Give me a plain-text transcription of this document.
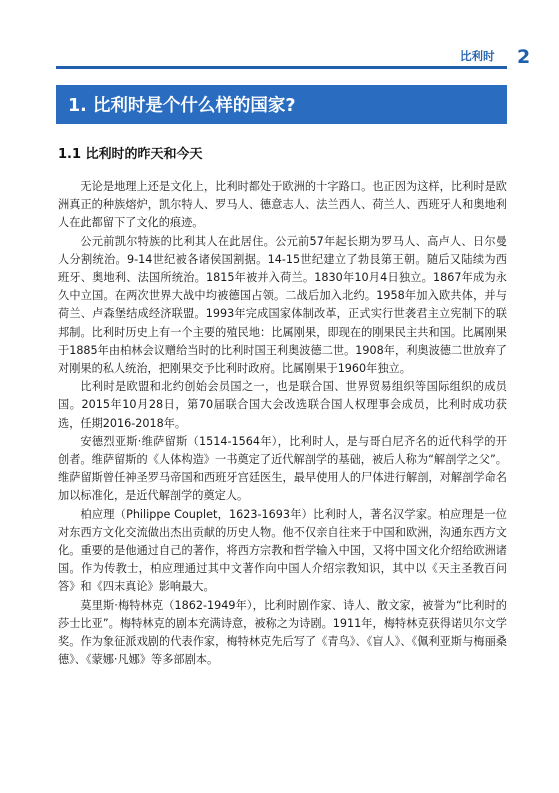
比利时	2
1. 比利时是个什么样的国家?
1.1 比利时的昨天和今天

无论是地理上还是文化上，比利时都处于欧洲的十字路口。也正因为这样，比利时是欧洲真正的种族熔炉，凯尔特人、罗马人、德意志人、法兰西人、荷兰人、西班牙人和奥地利人在此都留下了文化的痕迹。

公元前凯尔特族的比利其人在此居住。公元前57年起长期为罗马人、高卢人、日尔曼人分割统治。9-14世纪被各诸侯国割据。14-15世纪建立了勃艮第王朝。随后又陆续为西班牙、奥地利、法国所统治。1815年被并入荷兰。1830年10月4日独立。1867年成为永久中立国。在两次世界大战中均被德国占领。二战后加入北约。1958年加入欧共体，并与荷兰、卢森堡结成经济联盟。1993年完成国家体制改革，正式实行世袭君主立宪制下的联邦制。比利时历史上有一个主要的殖民地：比属刚果，即现在的刚果民主共和国。比属刚果于1885年由柏林会议赠给当时的比利时国王利奥波德二世。1908年，利奥波德二世放弃了对刚果的私人统治，把刚果交予比利时政府。比属刚果于1960年独立。

比利时是欧盟和北约创始会员国之一，也是联合国、世界贸易组织等国际组织的成员国。2015年10月28日，第70届联合国大会改选联合国人权理事会成员，比利时成功获选，任期2016-2018年。

安德烈亚斯·维萨留斯（1514-1564年），比利时人，是与哥白尼齐名的近代科学的开创者。维萨留斯的《人体构造》一书奠定了近代解剖学的基础，被后人称为“解剖学之父”。维萨留斯曾任神圣罗马帝国和西班牙宫廷医生，最早使用人的尸体进行解剖，对解剖学命名加以标准化，是近代解剖学的奠定人。

柏应理（Philippe Couplet，1623-1693年）比利时人，著名汉学家。柏应理是一位对东西方文化交流做出杰出贡献的历史人物。他不仅亲自往来于中国和欧洲，沟通东西方文化。重要的是他通过自己的著作，将西方宗教和哲学输入中国，又将中国文化介绍给欧洲诸国。作为传教士，柏应理通过其中文著作向中国人介绍宗教知识，其中以《天主圣教百问答》和《四末真论》影响最大。

莫里斯·梅特林克（1862-1949年），比利时剧作家、诗人、散文家，被誉为“比利时的莎士比亚”。梅特林克的剧本充满诗意，被称之为诗剧。1911年，梅特林克获得诺贝尔文学奖。作为象征派戏剧的代表作家，梅特林克先后写了《青鸟》、《盲人》、《佩利亚斯与梅丽桑德》、《蒙娜·凡娜》等多部剧本。
